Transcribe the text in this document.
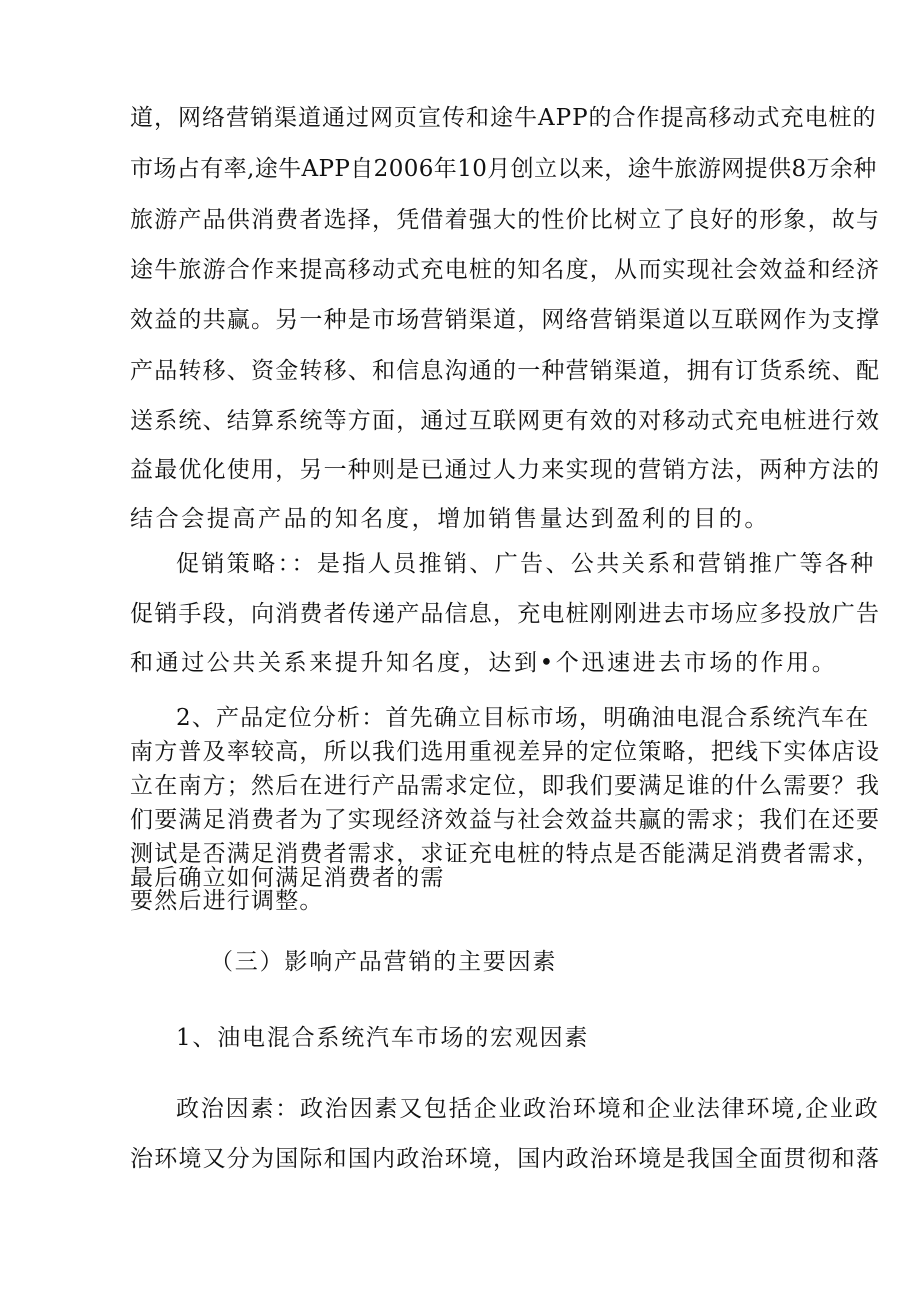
道，网络营销渠道通过网页宣传和途牛APP的合作提高移动式充电桩的
市场占有率,途牛APP自2006年10月创立以来，途牛旅游网提供8万余种
旅游产品供消费者选择，凭借着强大的性价比树立了良好的形象，故与
途牛旅游合作来提高移动式充电桩的知名度，从而实现社会效益和经济
效益的共赢。另一种是市场营销渠道，网络营销渠道以互联网作为支撑
产品转移、资金转移、和信息沟通的一种营销渠道，拥有订货系统、配
送系统、结算系统等方面，通过互联网更有效的对移动式充电桩进行效
益最优化使用，另一种则是已通过人力来实现的营销方法，两种方法的
结合会提高产品的知名度，增加销售量达到盈利的目的。
促销策略：：是指人员推销、广告、公共关系和营销推广等各种
促销手段，向消费者传递产品信息，充电桩刚刚进去市场应多投放广告
和通过公共关系来提升知名度，达到•个迅速进去市场的作用。
2、产品定位分析：首先确立目标市场，明确油电混合系统汽车在
南方普及率较高，所以我们选用重视差异的定位策略，把线下实体店设
立在南方；然后在进行产品需求定位，即我们要满足谁的什么需要？我
们要满足消费者为了实现经济效益与社会效益共赢的需求；我们在还要
测试是否满足消费者需求，求证充电桩的特点是否能满足消费者需求，
最后确立如何满足消费者的需
要然后进行调整。
（三）影响产品营销的主要因素
1、油电混合系统汽车市场的宏观因素
政治因素：政治因素又包括企业政治环境和企业法律环境,企业政
治环境又分为国际和国内政治环境，国内政治环境是我国全面贯彻和落
